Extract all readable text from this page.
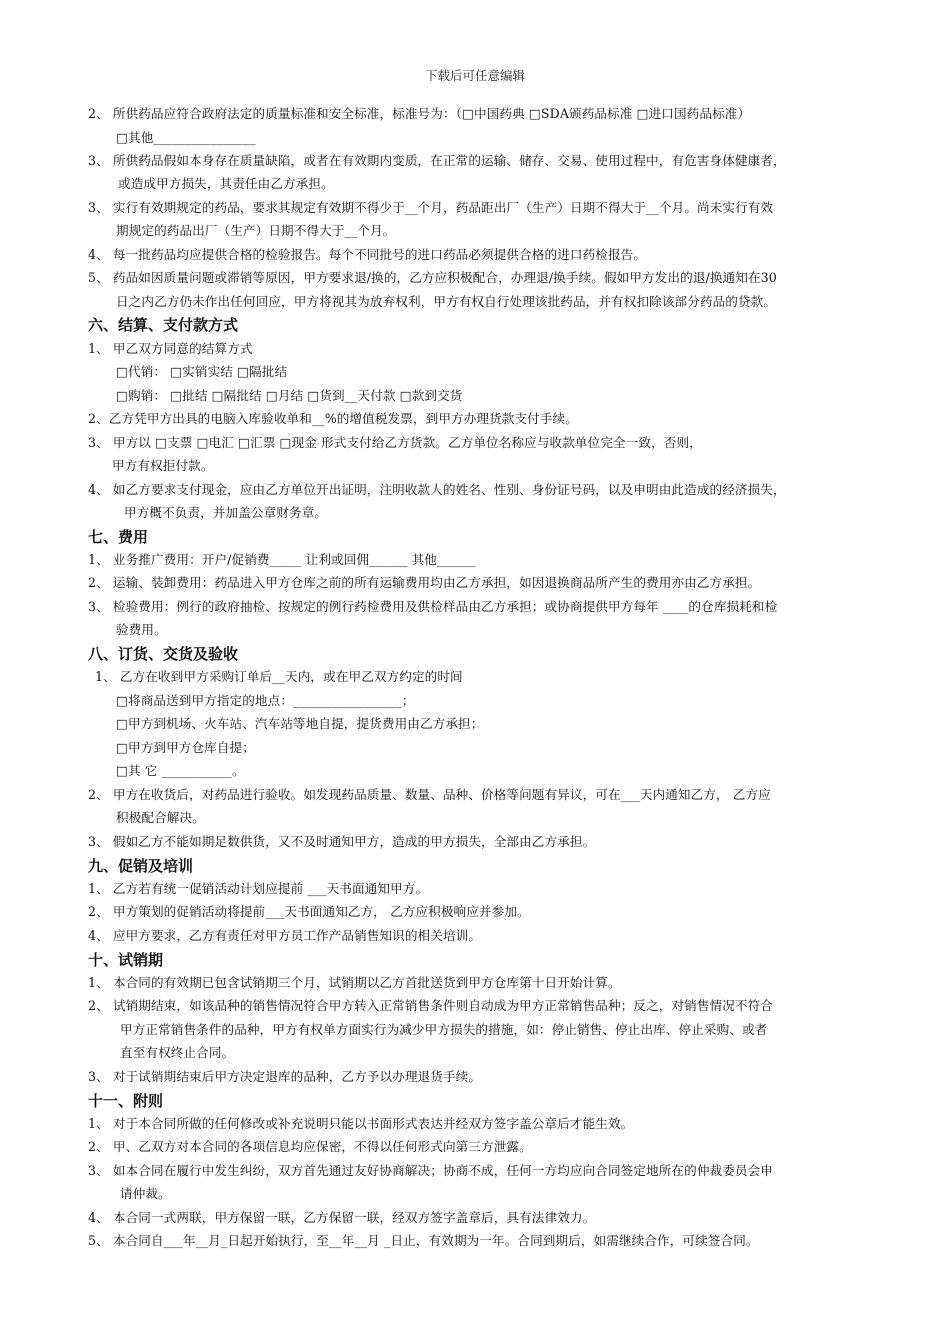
下载后可任意编辑
六、结算、支付款方式
七、费用
八、订货、交货及验收
九、促销及培训
十、试销期
十一、附则
2、 所供药品应符合政府法定的质量标准和安全标准，标准号为：（□中国药典 □SDA颁药品标准 □进口国药品标准）
□其他________________
3、 所供药品假如本身存在质量缺陷，或者在有效期内变质，在正常的运输、储存、交易、使用过程中，有危害身体健康者，
或造成甲方损失，其责任由乙方承担。
3、 实行有效期规定的药品，要求其规定有效期不得少于__个月，药品距出厂（生产）日期不得大于__个月。尚未实行有效
期规定的药品出厂（生产）日期不得大于__个月。
4、 每一批药品均应提供合格的检验报告。每个不同批号的进口药品必须提供合格的进口药检报告。
5、 药品如因质量问题或滞销等原因，甲方要求退/换的，乙方应积极配合，办理退/换手续。假如甲方发出的退/换通知在30
日之内乙方仍未作出任何回应，甲方将视其为放弃权利，甲方有权自行处理该批药品，并有权扣除该部分药品的贷款。
1、 甲乙双方同意的结算方式
□代销： □实销实结 □隔批结
□购销： □批结 □隔批结 □月结 □货到__天付款 □款到交货
2、乙方凭甲方出具的电脑入库验收单和__%的增值税发票，到甲方办理货款支付手续。
3、 甲方以 □支票 □电汇 □汇票 □现金 形式支付给乙方货款。乙方单位名称应与收款单位完全一致，否则，
甲方有权拒付款。
4、 如乙方要求支付现金，应由乙方单位开出证明，注明收款人的姓名、性别、身份证号码，以及申明由此造成的经济损失，
甲方概不负责，并加盖公章财务章。
1、 业务推广费用：开户/促销费_____ 让利或回佣______ 其他______
2、 运输、装卸费用：药品进入甲方仓库之前的所有运输费用均由乙方承担，如因退换商品所产生的费用亦由乙方承担。
3、 检验费用：例行的政府抽检、按规定的例行药检费用及供检样品由乙方承担；或协商提供甲方每年 ____的仓库损耗和检
验费用。
1、 乙方在收到甲方采购订单后__天内，或在甲乙双方约定的时间
□将商品送到甲方指定的地点：_________________；
□甲方到机场、火车站、汽车站等地自提，提货费用由乙方承担；
□甲方到甲方仓库自提；
□其 它 ___________。
2、 甲方在收货后，对药品进行验收。如发现药品质量、数量、品种、价格等问题有异议，可在___天内通知乙方， 乙方应
积极配合解决。
3、 假如乙方不能如期足数供货，又不及时通知甲方，造成的甲方损失，全部由乙方承担。
1、 乙方若有统一促销活动计划应提前 ___天书面通知甲方。
2、 甲方策划的促销活动将提前___天书面通知乙方， 乙方应积极响应并参加。
4、 应甲方要求，乙方有责任对甲方员工作产品销售知识的相关培训。
1、 本合同的有效期已包含试销期三个月，试销期以乙方首批送货到甲方仓库第十日开始计算。
2、 试销期结束，如该品种的销售情况符合甲方转入正常销售条件则自动成为甲方正常销售品种；反之，对销售情况不符合
甲方正常销售条件的品种，甲方有权单方面实行为减少甲方损失的措施，如：停止销售、停止出库、停止采购、或者
直至有权终止合同。
3、 对于试销期结束后甲方决定退库的品种，乙方予以办理退货手续。
1、 对于本合同所做的任何修改或补充说明只能以书面形式表达并经双方签字盖公章后才能生效。
2、 甲、乙双方对本合同的各项信息均应保密，不得以任何形式向第三方泄露。
3、 如本合同在履行中发生纠纷，双方首先通过友好协商解决；协商不成，任何一方均应向合同签定地所在的仲裁委员会申
请仲裁。
4、 本合同一式两联，甲方保留一联，乙方保留一联，经双方签字盖章后，具有法律效力。
5、 本合同自___年__月_日起开始执行，至__年__月 _日止，有效期为一年。合同到期后，如需继续合作，可续签合同。
